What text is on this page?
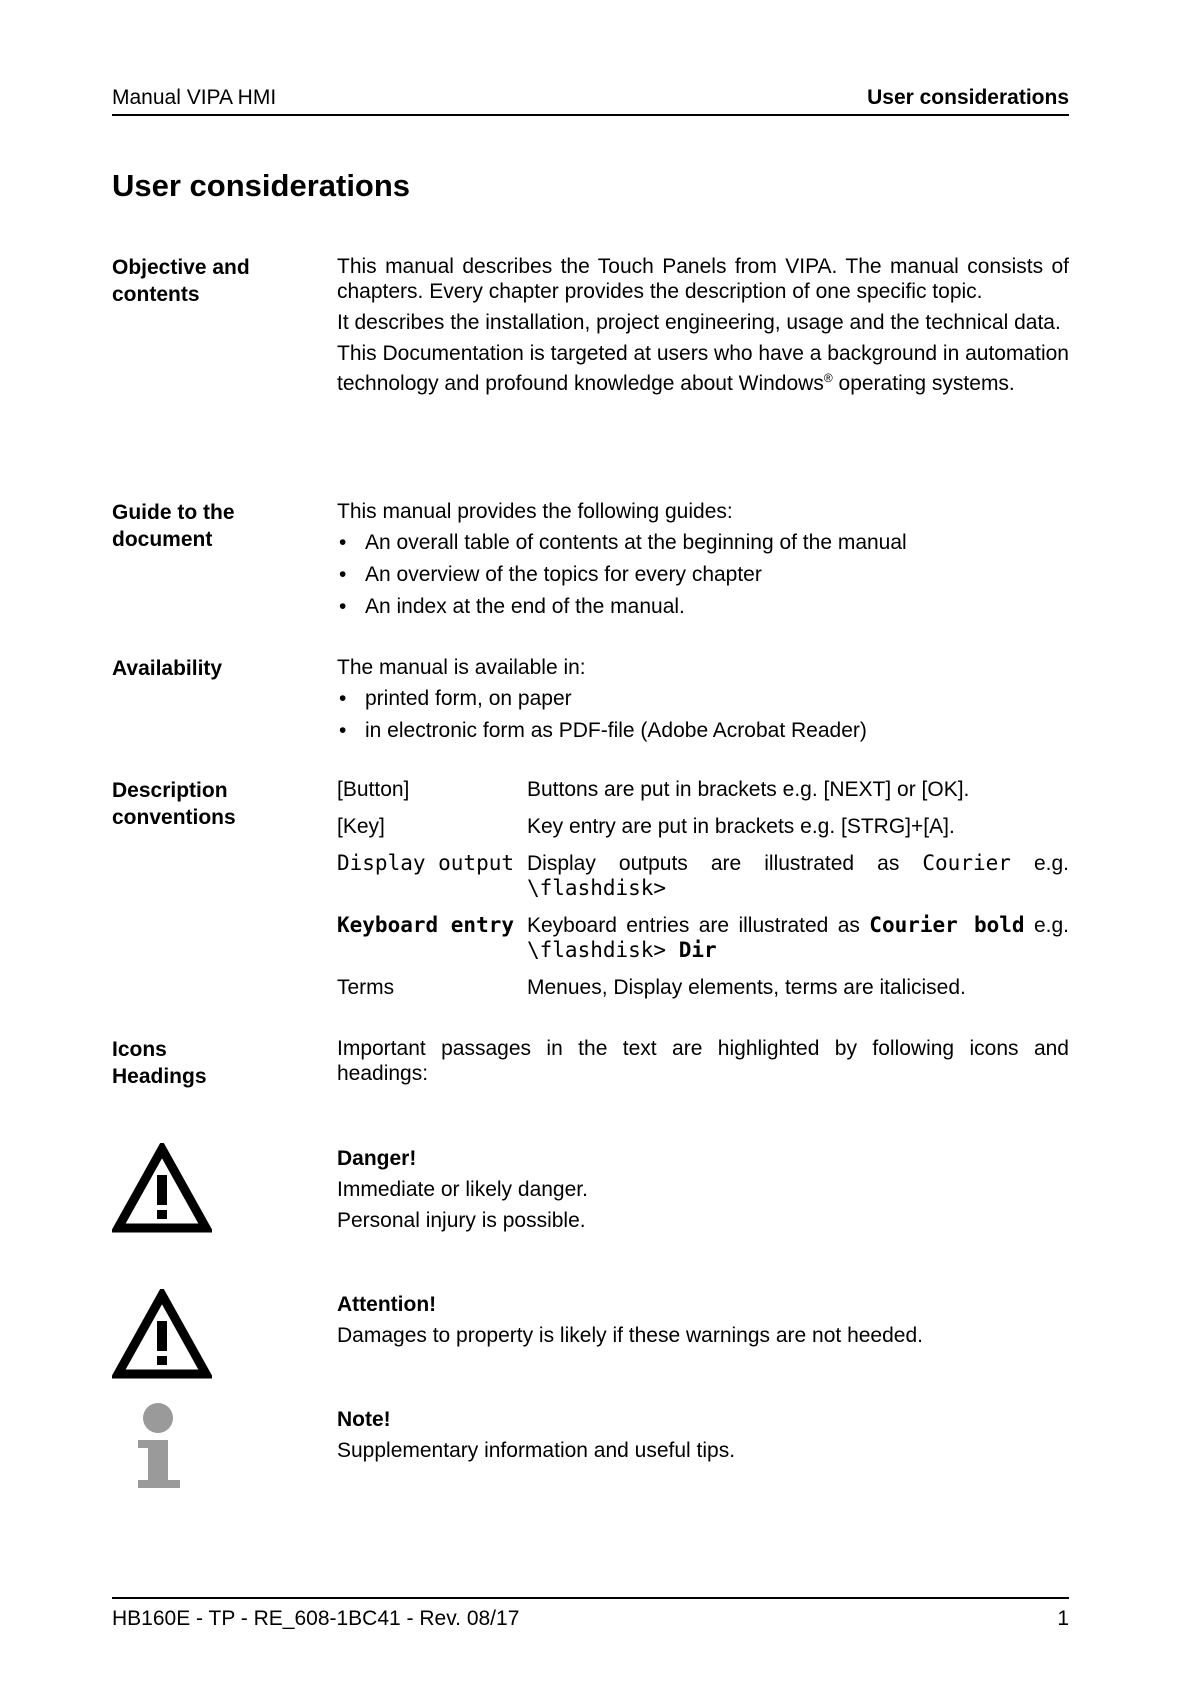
Manual VIPA HMI	User considerations
User considerations
Objective and
contents

This manual describes the Touch Panels from VIPA. The manual consists of chapters. Every chapter provides the description of one specific topic.

It describes the installation, project engineering, usage and the technical data.

This Documentation is targeted at users who have a background in automation technology and profound knowledge about Windows® operating systems.

Guide to the
document

This manual provides the following guides:

• An overall table of contents at the beginning of the manual
• An overview of the topics for every chapter
• An index at the end of the manual.
Availability	The manual is available in:

• printed form, on paper
• in electronic form as PDF-file (Adobe Acrobat Reader)
Description
conventions
[Button]	Buttons are put in brackets e.g. [NEXT] or [OK].
[Key]	Key entry are put in brackets e.g. [STRG]+[A].
Display output	Display outputs are illustrated as Courier e.g. \flashdisk>
Keyboard entry	Keyboard entries are illustrated as Courier bold e.g. \flashdisk> Dir
Terms	Menues, Display elements, terms are italicised.
Icons
Headings

Important passages in the text are highlighted by following icons and headings:

Danger!
Immediate or likely danger.
Personal injury is possible.
Attention!
Damages to property is likely if these warnings are not heeded.
Note!
Supplementary information and useful tips.
HB160E - TP - RE_608-1BC41 - Rev. 08/17	1
